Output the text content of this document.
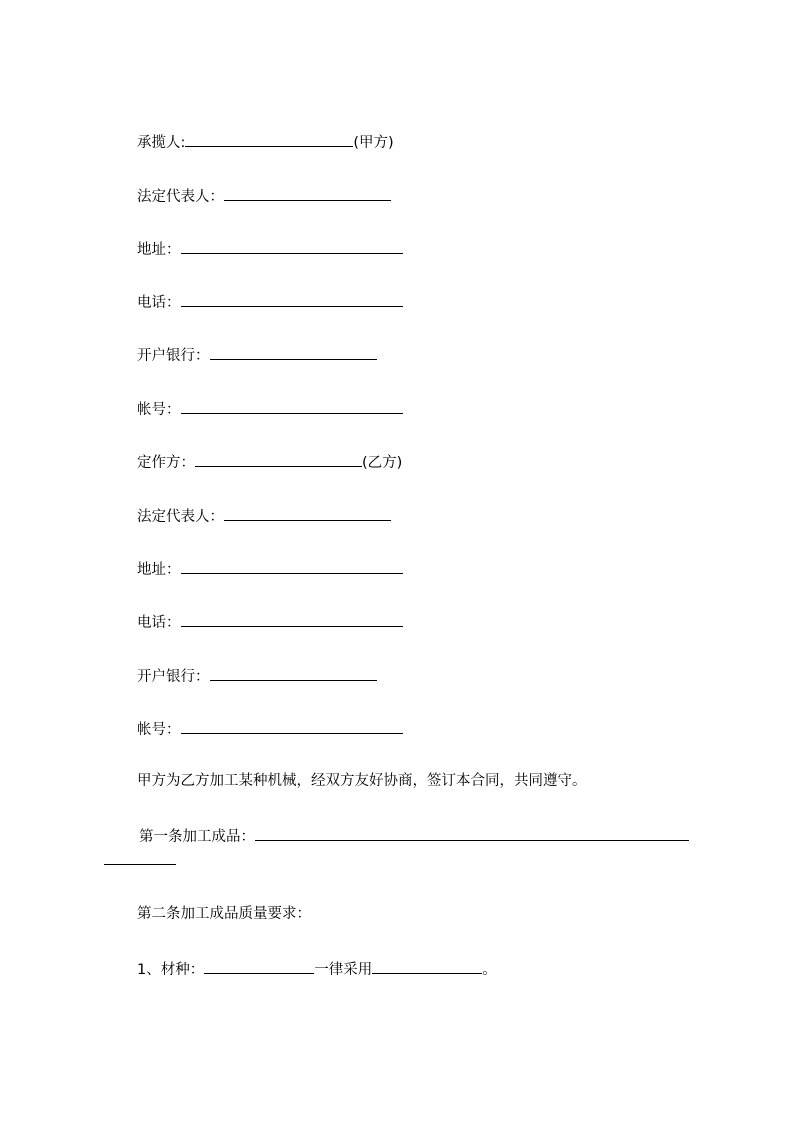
承揽人:	(甲方)
法定代表人：
地址：
电话：
开户银行：
帐号：
定作方：	(乙方)
法定代表人：
地址：
电话：
开户银行：
帐号：
甲方为乙方加工某种机械，经双方友好协商，签订本合同，共同遵守。
第一条加工成品：
第二条加工成品质量要求：
1、材种：	一律采用	。
